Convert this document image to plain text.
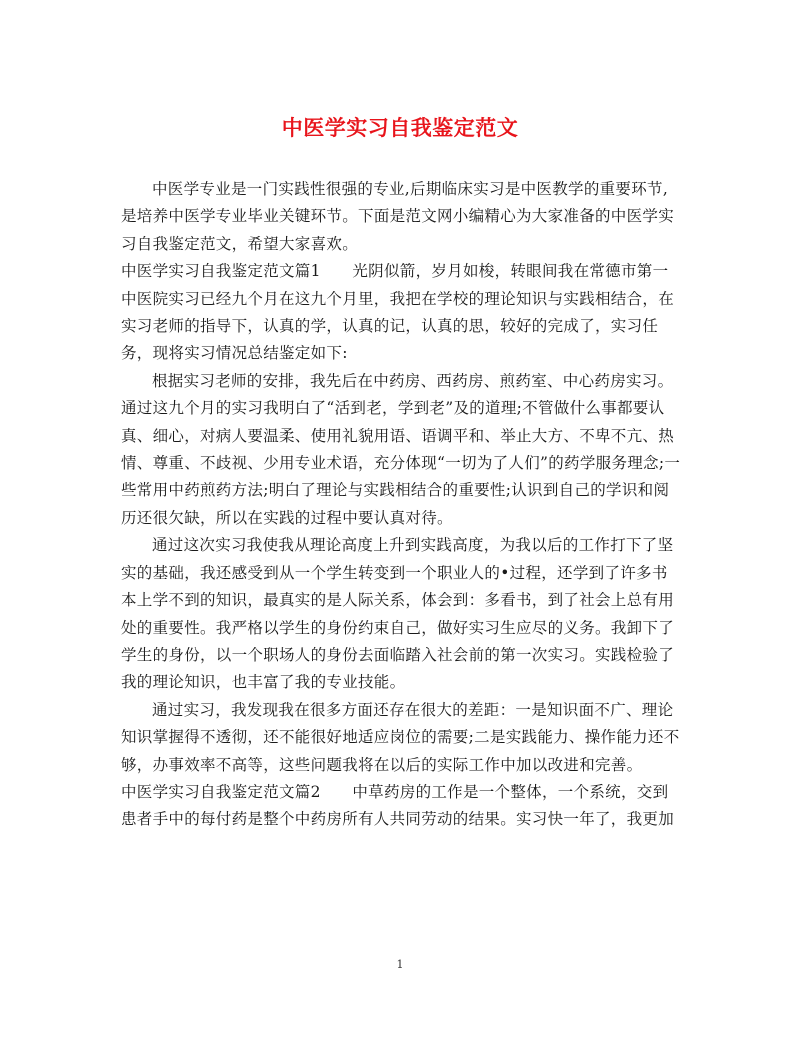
中医学实习自我鉴定范文

中医学专业是一门实践性很强的专业,后期临床实习是中医教学的重要环节,是培养中医学专业毕业关键环节。下面是范文网小编精心为大家准备的中医学实习自我鉴定范文，希望大家喜欢。

中医学实习自我鉴定范文篇1　　光阴似箭，岁月如梭，转眼间我在常德市第一中医院实习已经九个月在这九个月里，我把在学校的理论知识与实践相结合，在实习老师的指导下，认真的学，认真的记，认真的思，较好的完成了，实习任务，现将实习情况总结鉴定如下:

根据实习老师的安排，我先后在中药房、西药房、煎药室、中心药房实习。通过这九个月的实习我明白了“活到老，学到老”及的道理;不管做什么事都要认真、细心，对病人要温柔、使用礼貌用语、语调平和、举止大方、不卑不亢、热情、尊重、不歧视、少用专业术语，充分体现“一切为了人们”的药学服务理念;一些常用中药煎药方法;明白了理论与实践相结合的重要性;认识到自己的学识和阅历还很欠缺，所以在实践的过程中要认真对待。

通过这次实习我使我从理论高度上升到实践高度，为我以后的工作打下了坚实的基础，我还感受到从一个学生转变到一个职业人的•过程，还学到了许多书本上学不到的知识，最真实的是人际关系，体会到：多看书，到了社会上总有用处的重要性。我严格以学生的身份约束自己，做好实习生应尽的义务。我卸下了学生的身份，以一个职场人的身份去面临踏入社会前的第一次实习。实践检验了我的理论知识，也丰富了我的专业技能。

通过实习，我发现我在很多方面还存在很大的差距：一是知识面不广、理论知识掌握得不透彻，还不能很好地适应岗位的需要;二是实践能力、操作能力还不够，办事效率不高等，这些问题我将在以后的实际工作中加以改进和完善。

中医学实习自我鉴定范文篇2　　中草药房的工作是一个整体，一个系统，交到患者手中的每付药是整个中药房所有人共同劳动的结果。实习快一年了，我更加

1
